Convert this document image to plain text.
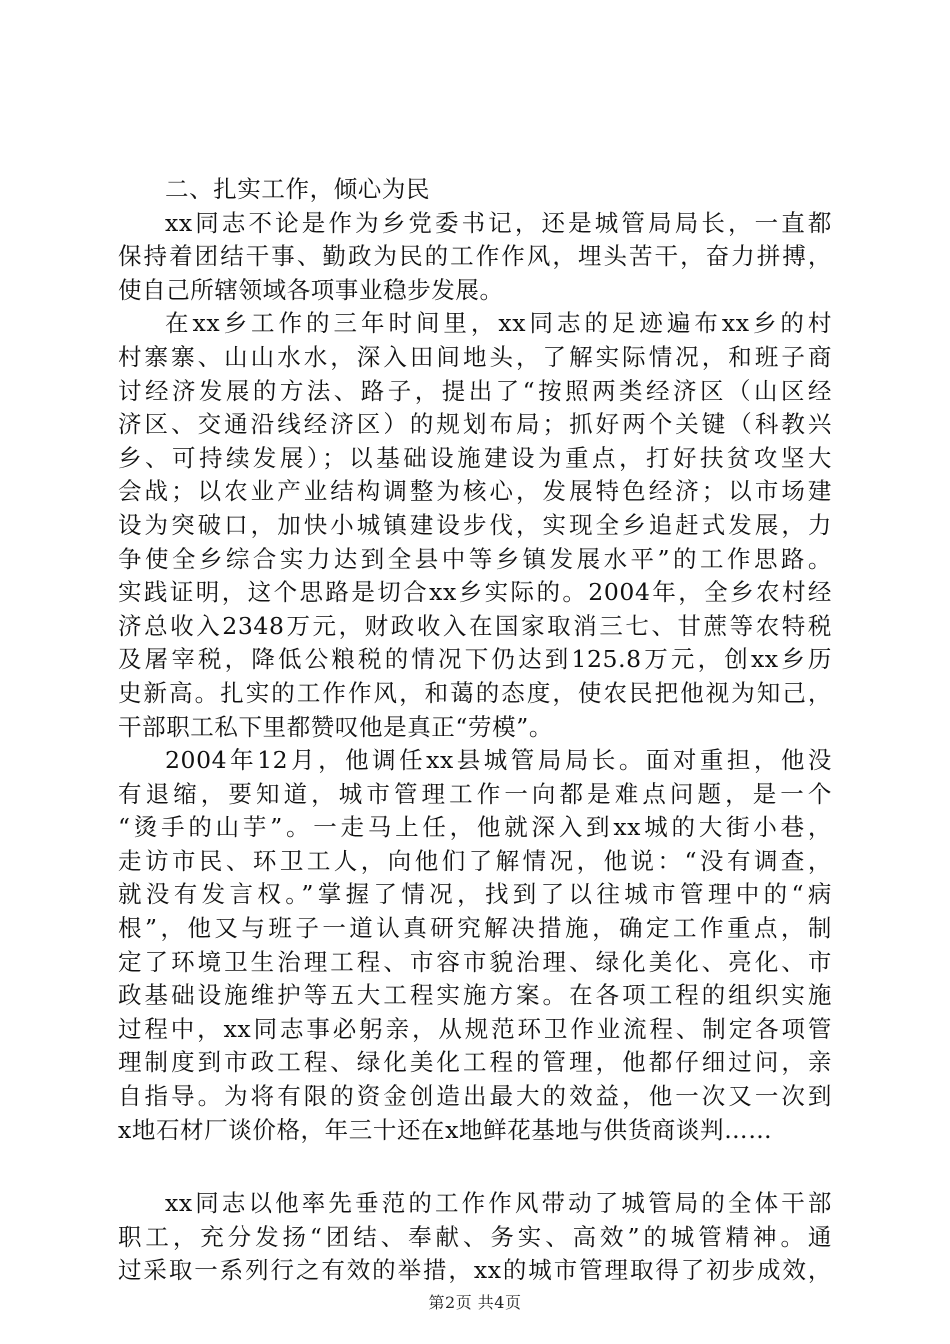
二、扎实工作，倾心为民
xx同志不论是作为乡党委书记，还是城管局局长，一直都
保持着团结干事、勤政为民的工作作风，埋头苦干，奋力拼搏，
使自己所辖领域各项事业稳步发展。
在xx乡工作的三年时间里，xx同志的足迹遍布xx乡的村
村寨寨、山山水水，深入田间地头，了解实际情况，和班子商
讨经济发展的方法、路子，提出了“按照两类经济区（山区经
济区、交通沿线经济区）的规划布局；抓好两个关键（科教兴
乡、可持续发展）；以基础设施建设为重点，打好扶贫攻坚大
会战；以农业产业结构调整为核心，发展特色经济；以市场建
设为突破口，加快小城镇建设步伐，实现全乡追赶式发展，力
争使全乡综合实力达到全县中等乡镇发展水平”的工作思路。
实践证明，这个思路是切合xx乡实际的。2004年，全乡农村经
济总收入2348万元，财政收入在国家取消三七、甘蔗等农特税
及屠宰税，降低公粮税的情况下仍达到125.8万元，创xx乡历
史新高。扎实的工作作风，和蔼的态度，使农民把他视为知己，
干部职工私下里都赞叹他是真正“劳模”。
2004年12月，他调任xx县城管局局长。面对重担，他没
有退缩，要知道，城市管理工作一向都是难点问题，是一个
“烫手的山芋”。一走马上任，他就深入到xx城的大街小巷，
走访市民、环卫工人，向他们了解情况，他说：“没有调查，
就没有发言权。”掌握了情况，找到了以往城市管理中的“病
根”，他又与班子一道认真研究解决措施，确定工作重点，制
定了环境卫生治理工程、市容市貌治理、绿化美化、亮化、市
政基础设施维护等五大工程实施方案。在各项工程的组织实施
过程中，xx同志事必躬亲，从规范环卫作业流程、制定各项管
理制度到市政工程、绿化美化工程的管理，他都仔细过问，亲
自指导。为将有限的资金创造出最大的效益，他一次又一次到
x地石材厂谈价格，年三十还在x地鲜花基地与供货商谈判……
xx同志以他率先垂范的工作作风带动了城管局的全体干部
职工，充分发扬“团结、奉献、务实、高效”的城管精神。通
过采取一系列行之有效的举措，xx的城市管理取得了初步成效，
第2页 共4页
